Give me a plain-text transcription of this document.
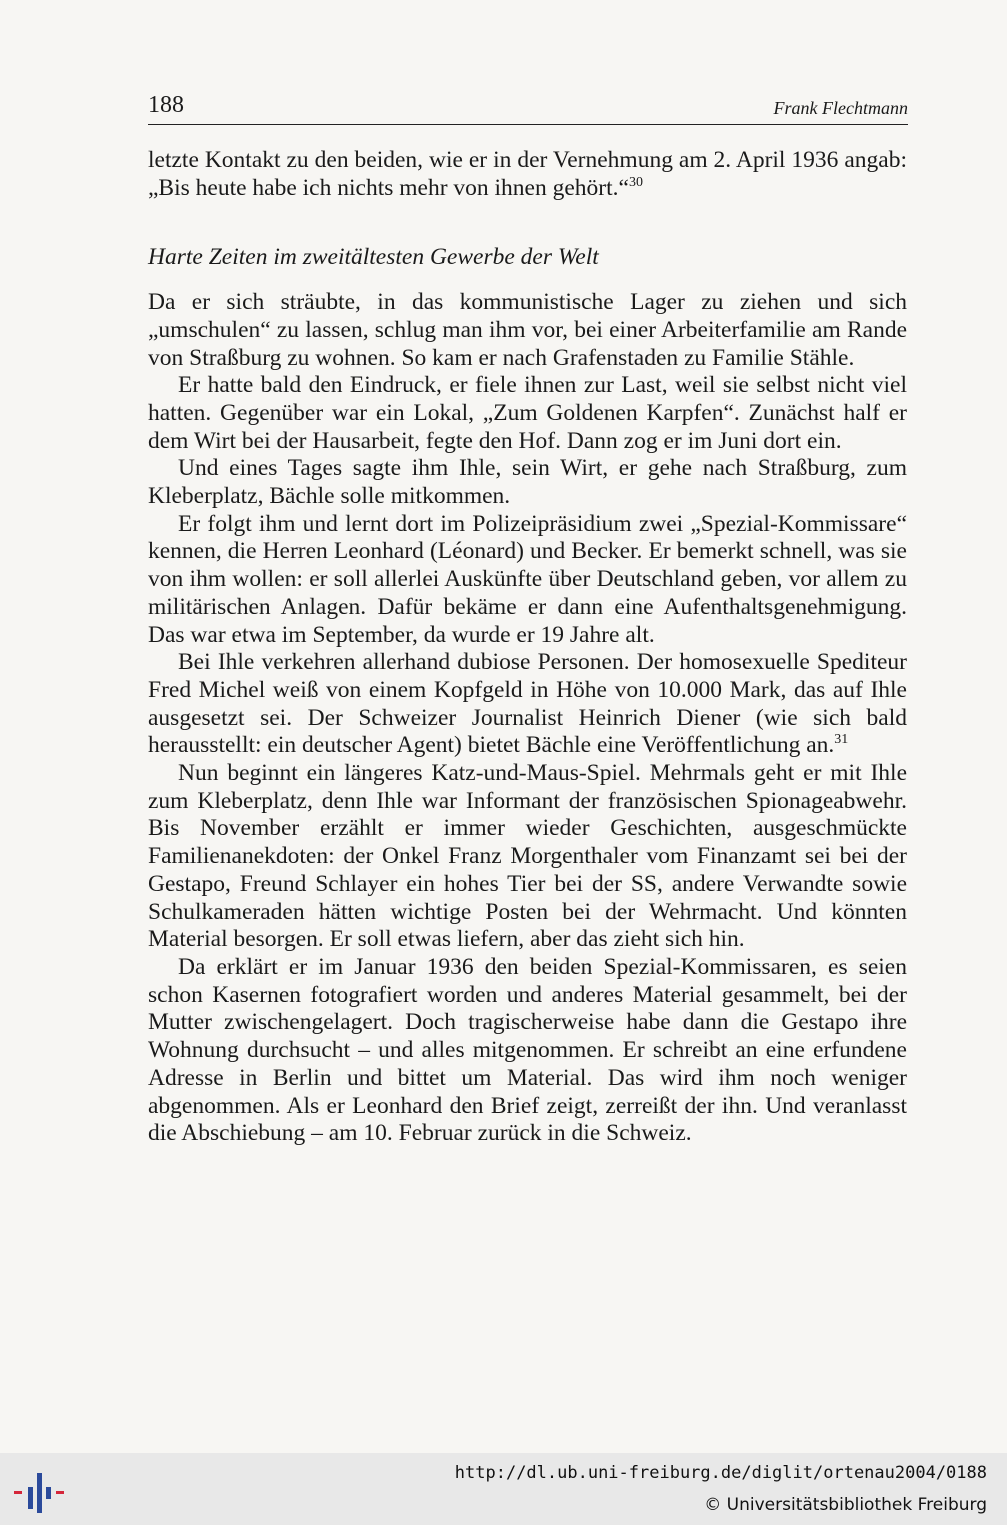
188	Frank Flechtmann

letzte Kontakt zu den beiden, wie er in der Vernehmung am 2. April 1936 angab: „Bis heute habe ich nichts mehr von ihnen gehört.“$^{30}$

Harte Zeiten im zweitältesten Gewerbe der Welt

Da er sich sträubte, in das kommunistische Lager zu ziehen und sich „umschulen“ zu lassen, schlug man ihm vor, bei einer Arbeiterfamilie am Rande von Straßburg zu wohnen. So kam er nach Grafenstaden zu Familie Stähle.

Er hatte bald den Eindruck, er fiele ihnen zur Last, weil sie selbst nicht viel hatten. Gegenüber war ein Lokal, „Zum Goldenen Karpfen“. Zunächst half er dem Wirt bei der Hausarbeit, fegte den Hof. Dann zog er im Juni dort ein.

Und eines Tages sagte ihm Ihle, sein Wirt, er gehe nach Straßburg, zum Kleberplatz, Bächle solle mitkommen.

Er folgt ihm und lernt dort im Polizeipräsidium zwei „Spezial-Kommissare“ kennen, die Herren Leonhard (Léonard) und Becker. Er bemerkt schnell, was sie von ihm wollen: er soll allerlei Auskünfte über Deutschland geben, vor allem zu militärischen Anlagen. Dafür bekäme er dann eine Aufenthaltsgenehmigung. Das war etwa im September, da wurde er 19 Jahre alt.

Bei Ihle verkehren allerhand dubiose Personen. Der homosexuelle Spediteur Fred Michel weiß von einem Kopfgeld in Höhe von 10.000 Mark, das auf Ihle ausgesetzt sei. Der Schweizer Journalist Heinrich Diener (wie sich bald herausstellt: ein deutscher Agent) bietet Bächle eine Veröffentlichung an.$^{31}$

Nun beginnt ein längeres Katz-und-Maus-Spiel. Mehrmals geht er mit Ihle zum Kleberplatz, denn Ihle war Informant der französischen Spionageabwehr. Bis November erzählt er immer wieder Geschichten, ausgeschmückte Familienanekdoten: der Onkel Franz Morgenthaler vom Finanzamt sei bei der Gestapo, Freund Schlayer ein hohes Tier bei der SS, andere Verwandte sowie Schulkameraden hätten wichtige Posten bei der Wehrmacht. Und könnten Material besorgen. Er soll etwas liefern, aber das zieht sich hin.

Da erklärt er im Januar 1936 den beiden Spezial-Kommissaren, es seien schon Kasernen fotografiert worden und anderes Material gesammelt, bei der Mutter zwischengelagert. Doch tragischerweise habe dann die Gestapo ihre Wohnung durchsucht – und alles mitgenommen. Er schreibt an eine erfundene Adresse in Berlin und bittet um Material. Das wird ihm noch weniger abgenommen. Als er Leonhard den Brief zeigt, zerreißt der ihn. Und veranlasst die Abschiebung – am 10. Februar zurück in die Schweiz.

http://dl.ub.uni-freiburg.de/diglit/ortenau2004/0188
© Universitätsbibliothek Freiburg
